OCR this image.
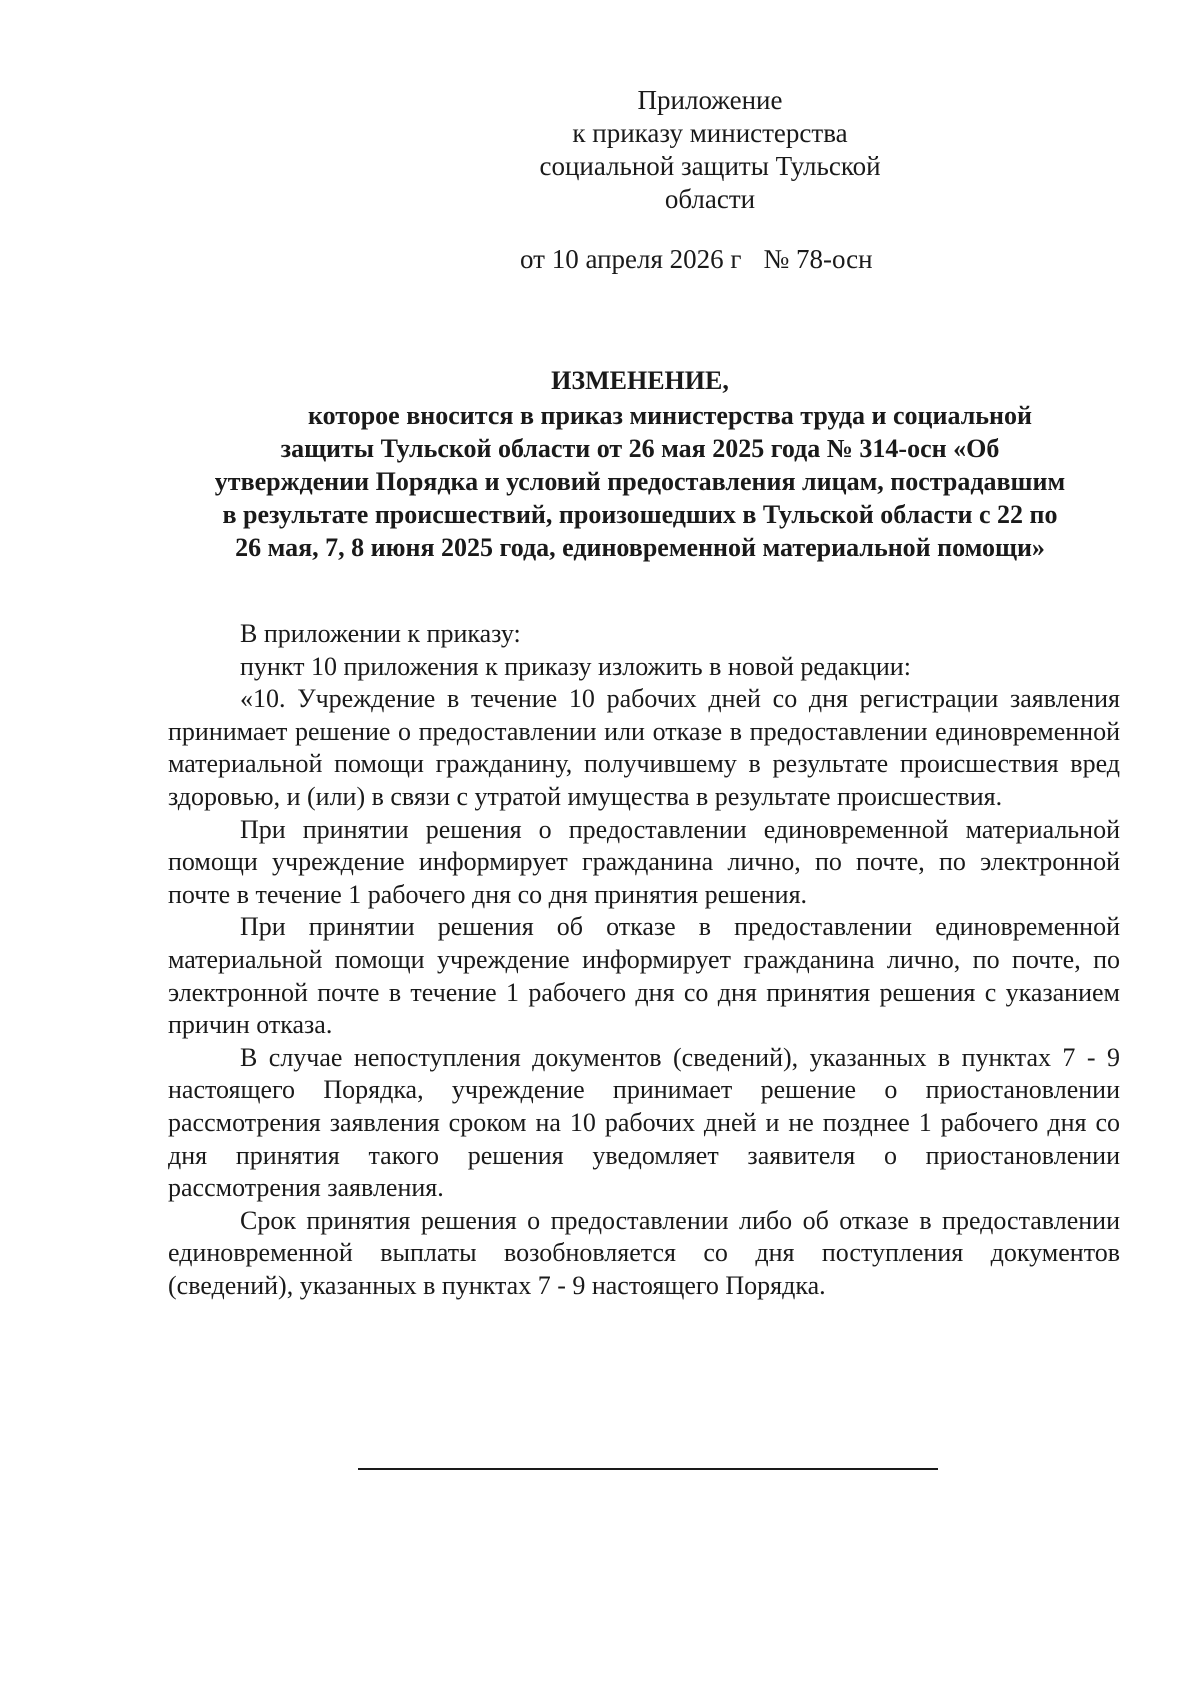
Приложение
к приказу министерства
социальной защиты Тульской
области
от 10 апреля 2026 г № 78-осн
ИЗМЕНЕНИЕ,
которое вносится в приказ министерства труда и социальной
защиты Тульской области от 26 мая 2025 года № 314-осн «Об
утверждении Порядка и условий предоставления лицам, пострадавшим
в результате происшествий, произошедших в Тульской области с 22 по
26 мая, 7, 8 июня 2025 года, единовременной материальной помощи»

В приложении к приказу:

пункт 10 приложения к приказу изложить в новой редакции:

«10. Учреждение в течение 10 рабочих дней со дня регистрации заявления принимает решение о предоставлении или отказе в предоставлении единовременной материальной помощи гражданину, получившему в результате происшествия вред здоровью, и (или) в связи с утратой имущества в результате происшествия.

При принятии решения о предоставлении единовременной материальной помощи учреждение информирует гражданина лично, по почте, по электронной почте в течение 1 рабочего дня со дня принятия решения.

При принятии решения об отказе в предоставлении единовременной материальной помощи учреждение информирует гражданина лично, по почте, по электронной почте в течение 1 рабочего дня со дня принятия решения с указанием причин отказа.

В случае непоступления документов (сведений), указанных в пунктах 7 - 9 настоящего Порядка, учреждение принимает решение о приостановлении рассмотрения заявления сроком на 10 рабочих дней и не позднее 1 рабочего дня со дня принятия такого решения уведомляет заявителя о приостановлении рассмотрения заявления.

Срок принятия решения о предоставлении либо об отказе в предоставлении единовременной выплаты возобновляется со дня поступления документов (сведений), указанных в пунктах 7 - 9 настоящего Порядка.
